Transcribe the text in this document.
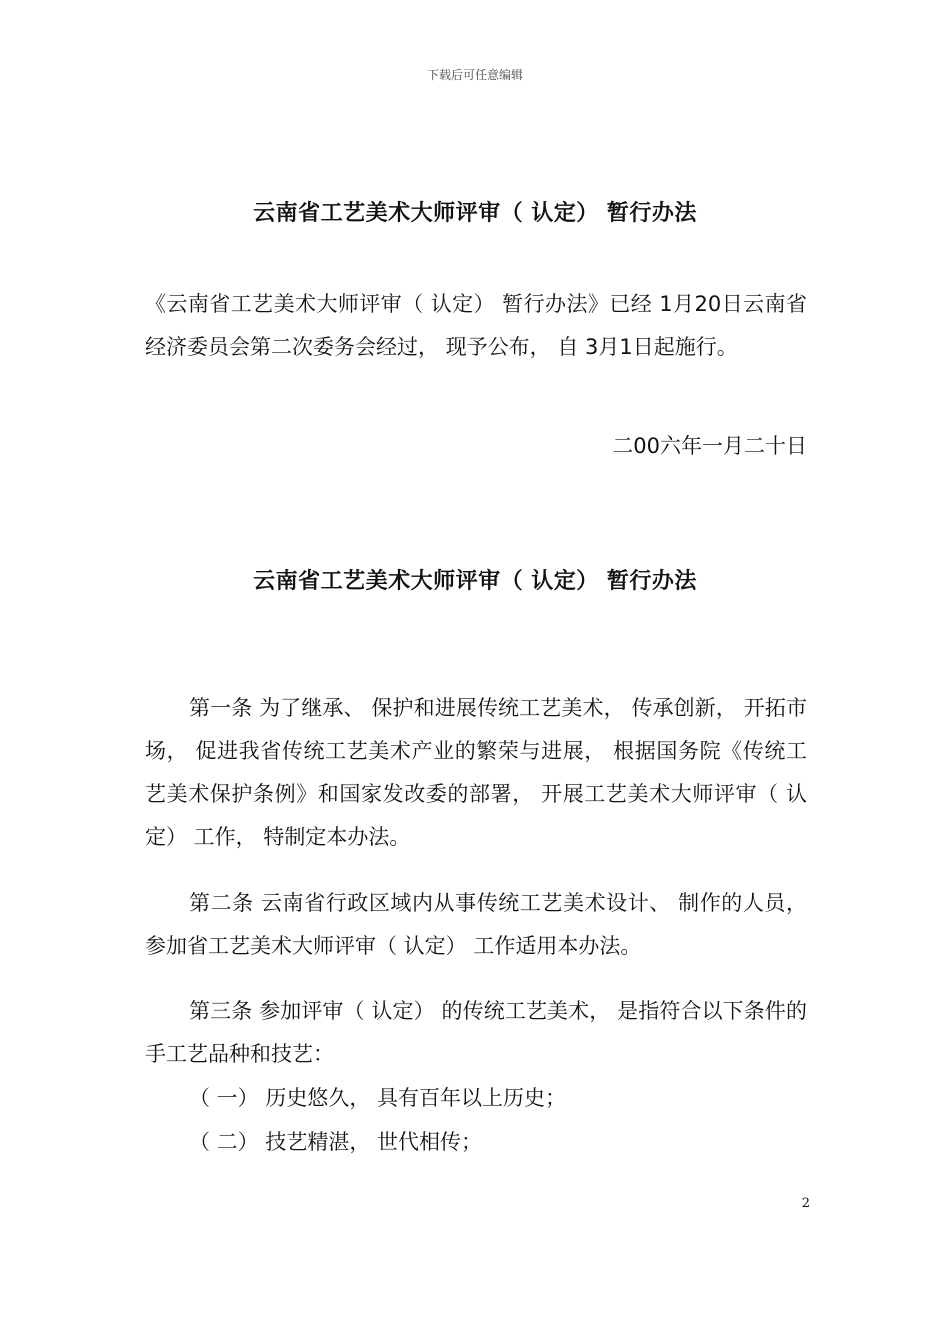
下载后可任意编辑
云南省工艺美术大师评审（ 认定） 暂行办法
《云南省工艺美术大师评审（ 认定） 暂行办法》已经 1月20日云南省经济委员会第二次委务会经过， 现予公布， 自 3月1日起施行。
二00六年一月二十日
云南省工艺美术大师评审（ 认定） 暂行办法
第一条 为了继承、 保护和进展传统工艺美术， 传承创新， 开拓市场， 促进我省传统工艺美术产业的繁荣与进展， 根据国务院《传统工艺美术保护条例》和国家发改委的部署， 开展工艺美术大师评审（ 认定） 工作， 特制定本办法。
第二条 云南省行政区域内从事传统工艺美术设计、 制作的人员， 参加省工艺美术大师评审（ 认定） 工作适用本办法。
第三条 参加评审（ 认定） 的传统工艺美术， 是指符合以下条件的手工艺品种和技艺：
（ 一） 历史悠久， 具有百年以上历史；
（ 二） 技艺精湛， 世代相传；
2
